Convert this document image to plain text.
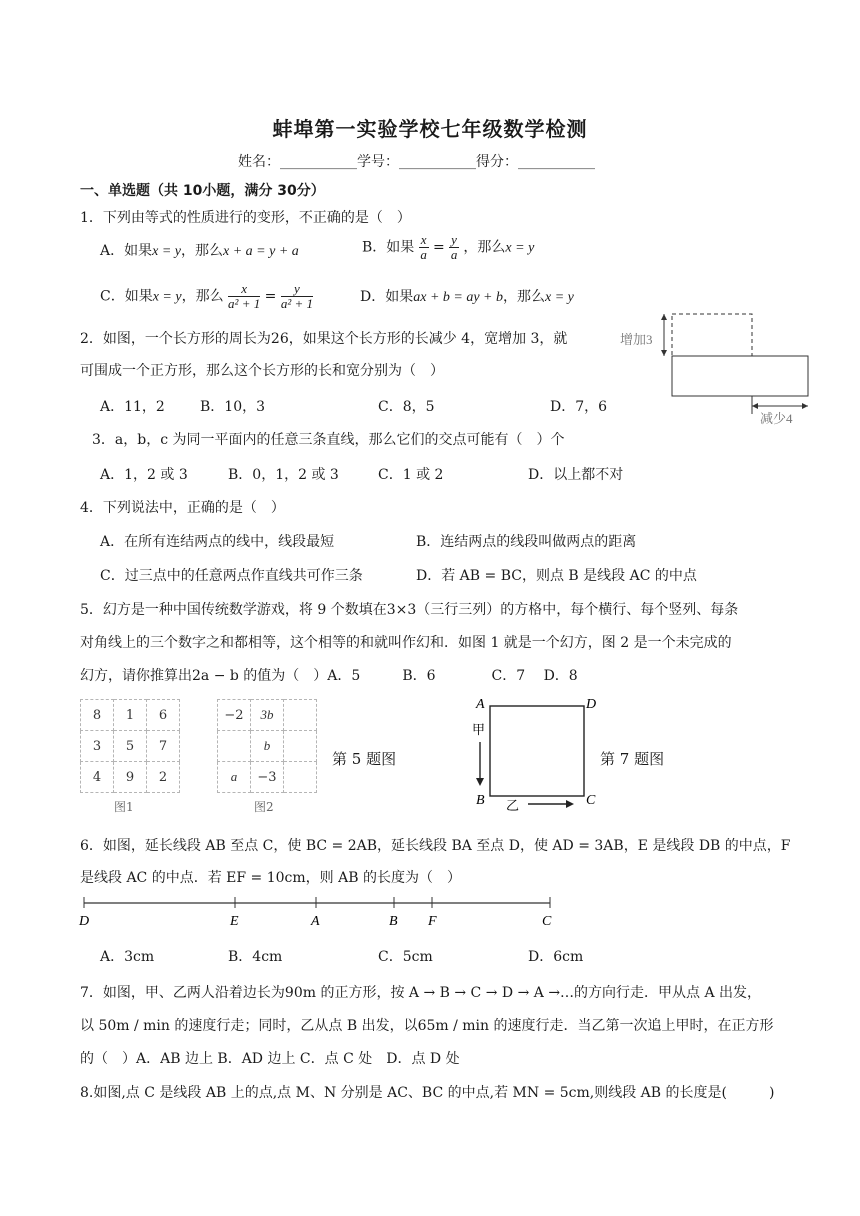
蚌埠第一实验学校七年级数学检测
姓名：___________学号：___________得分：___________
一、单选题（共 10小题，满分 30分）
1．下列由等式的性质进行的变形，不正确的是（　）
A．如果x = y，那么x + a = y + a	B．如果 $\frac{x}{a} = \frac{y}{a}$ ，那么x = y
C．如果x = y，那么 $\frac{x}{\text{a² + 1}} = \frac{y}{\text{a² + 1}}$	D．如果ax + b = ay + b，那么x = y
2．如图，一个长方形的周长为26，如果这个长方形的长减少 4，宽增加 3，就
可围成一个正方形，那么这个长方形的长和宽分别为（　）
A．11，2	B．10，3	C．8，5	D．7，6
增加3
减少4
3．a，b，c 为同一平面内的任意三条直线，那么它们的交点可能有（　）个
A．1，2 或 3	B．0，1，2 或 3	C．1 或 2	D．以上都不对
4．下列说法中，正确的是（　）
A．在所有连结两点的线中，线段最短	B．连结两点的线段叫做两点的距离
C．过三点中的任意两点作直线共可作三条	D．若 AB = BC，则点 B 是线段 AC 的中点
5．幻方是一种中国传统数学游戏，将 9 个数填在3×3（三行三列）的方格中，每个横行、每个竖列、每条
对角线上的三个数字之和都相等，这个相等的和就叫作幻和．如图 1 就是一个幻方，图 2 是一个未完成的
幻方，请你推算出2a − b 的值为（　）A．5　　　B．6　　　　C．7　 D．8
8	1	6
3	5	7
4	9	2
图1
−2	3b	
	b	
a	−3	
图2
第 5 题图
A	D
B	C
甲
乙
第 7 题图
6．如图，延长线段 AB 至点 C，使 BC = 2AB，延长线段 BA 至点 D，使 AD = 3AB，E 是线段 DB 的中点，F
是线段 AC 的中点．若 EF = 10cm，则 AB 的长度为（　）
D	E	A	B F	C
A．3cm	B．4cm	C．5cm	D．6cm
7．如图，甲、乙两人沿着边长为90m 的正方形，按 A → B → C → D → A →…的方向行走．甲从点 A 出发，
以 50m / min 的速度行走；同时，乙从点 B 出发，以65m / min 的速度行走．当乙第一次追上甲时，在正方形
的（　）A．AB 边上 B．AD 边上 C．点 C 处　D．点 D 处
8.如图,点 C 是线段 AB 上的点,点 M、N 分别是 AC、BC 的中点,若 MN = 5cm,则线段 AB 的长度是(　　　)
